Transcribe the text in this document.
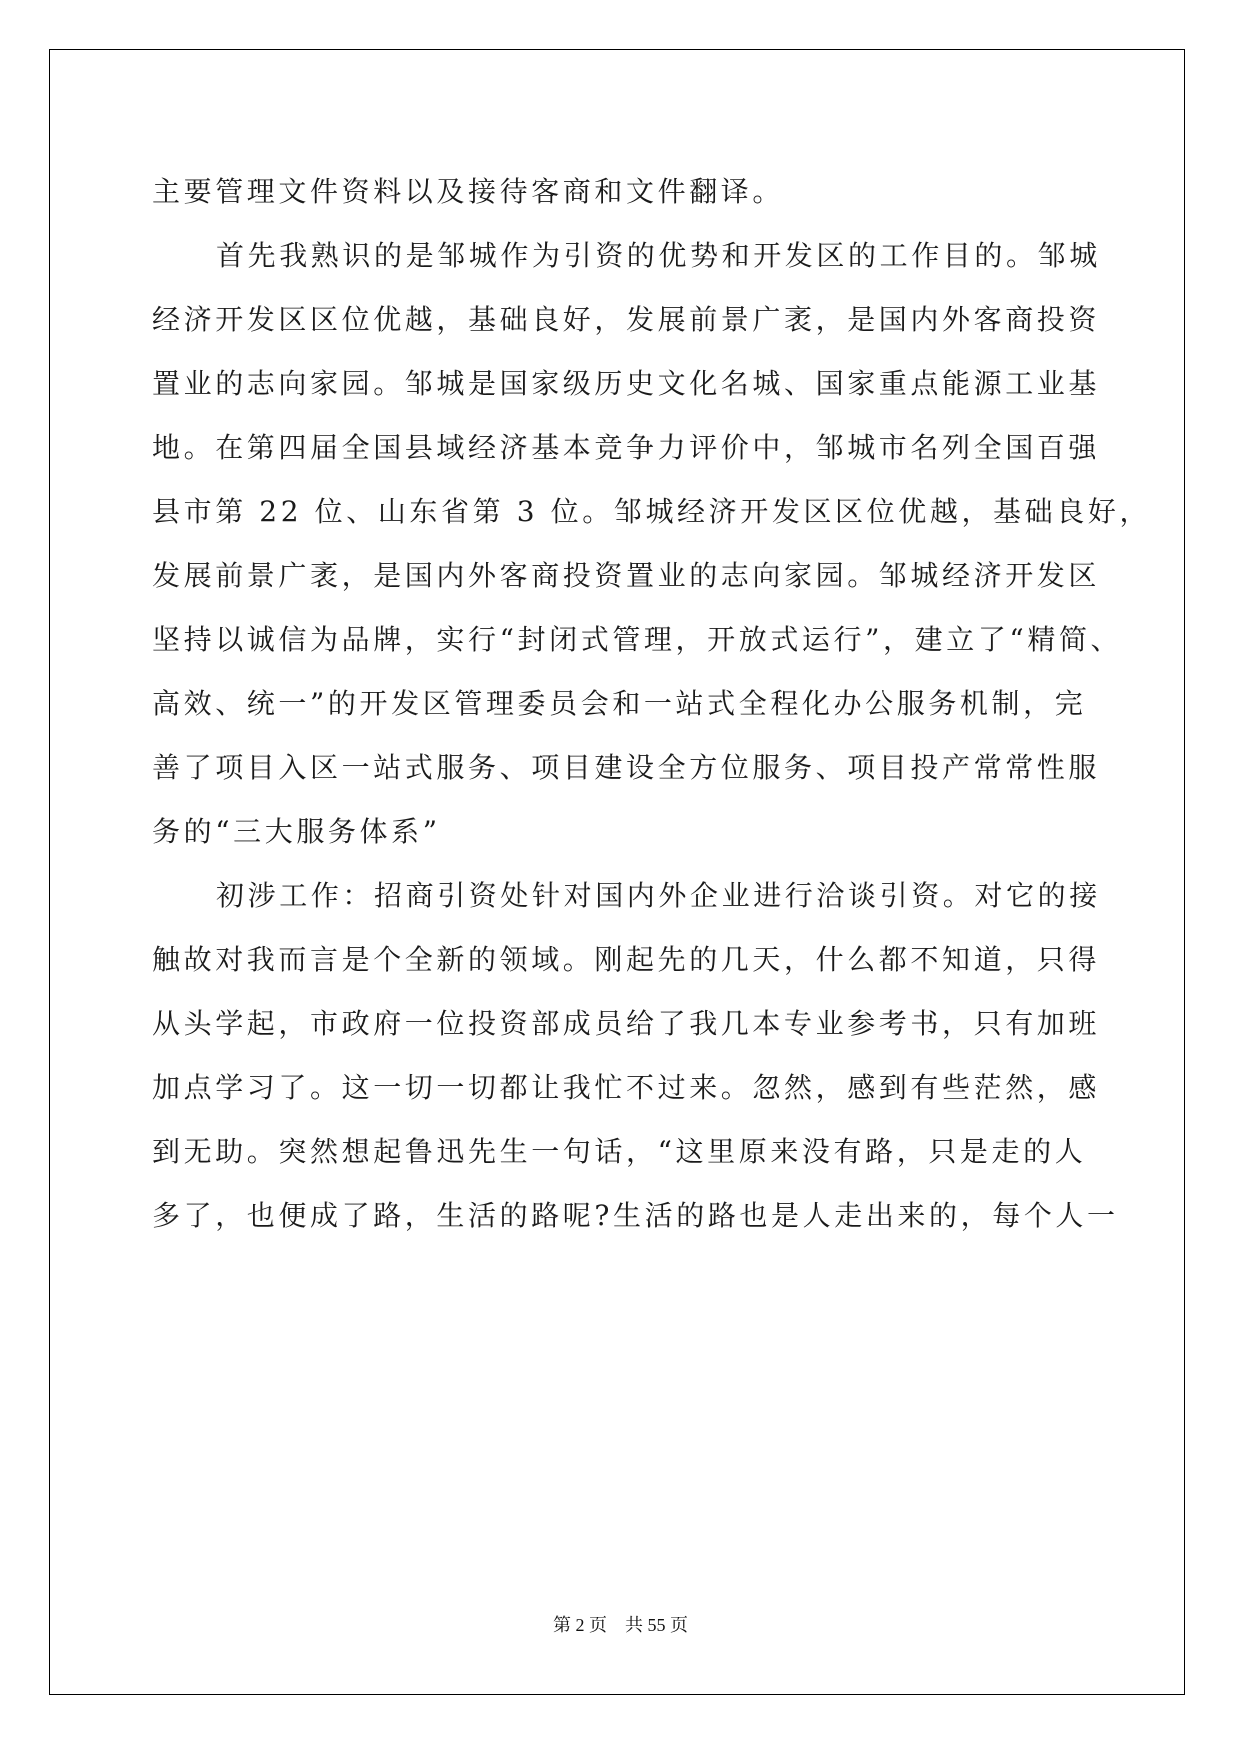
主要管理文件资料以及接待客商和文件翻译。
首先我熟识的是邹城作为引资的优势和开发区的工作目的。邹城
经济开发区区位优越，基础良好，发展前景广袤，是国内外客商投资
置业的志向家园。邹城是国家级历史文化名城、国家重点能源工业基
地。在第四届全国县域经济基本竞争力评价中，邹城市名列全国百强
县市第 22 位、山东省第 3 位。邹城经济开发区区位优越，基础良好，
发展前景广袤，是国内外客商投资置业的志向家园。邹城经济开发区
坚持以诚信为品牌，实行“封闭式管理，开放式运行”，建立了“精简、
高效、统一”的开发区管理委员会和一站式全程化办公服务机制，完
善了项目入区一站式服务、项目建设全方位服务、项目投产常常性服
务的“三大服务体系”
初涉工作：招商引资处针对国内外企业进行洽谈引资。对它的接
触故对我而言是个全新的领域。刚起先的几天，什么都不知道，只得
从头学起，市政府一位投资部成员给了我几本专业参考书，只有加班
加点学习了。这一切一切都让我忙不过来。忽然，感到有些茫然，感
到无助。突然想起鲁迅先生一句话，“这里原来没有路，只是走的人
多了，也便成了路，生活的路呢?生活的路也是人走出来的，每个人一
第 2 页 共 55 页
